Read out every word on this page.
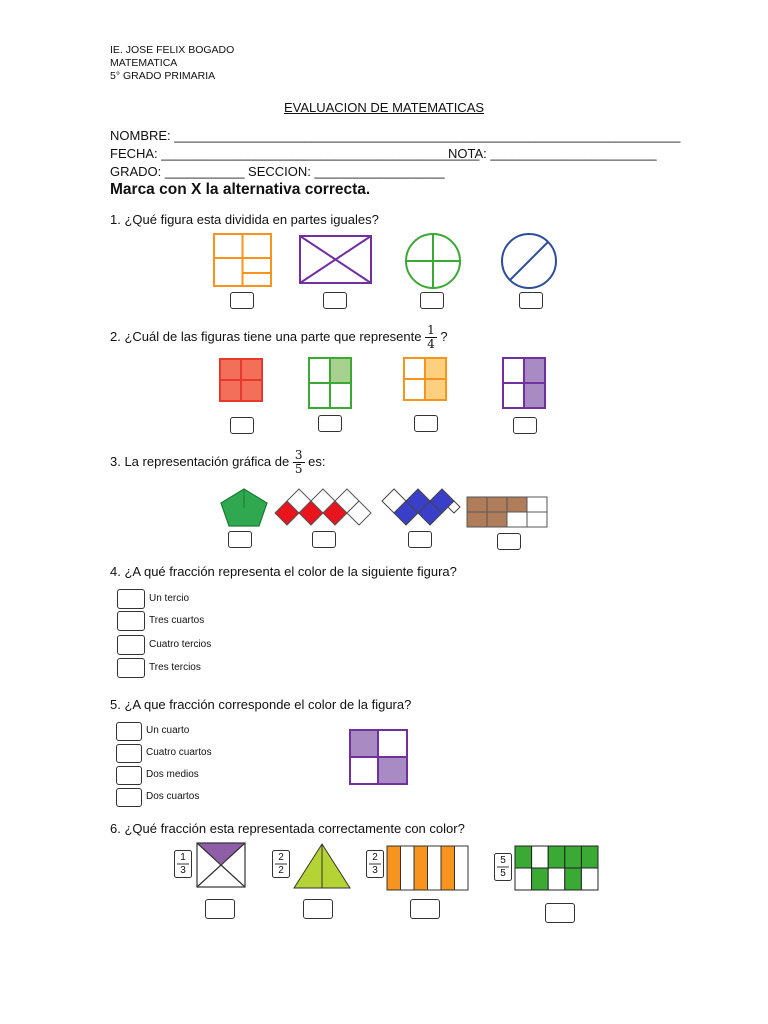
IE. JOSE FELIX BOGADO
MATEMATICA
5° GRADO PRIMARIA
EVALUACION DE MATEMATICAS
NOMBRE: ______________________________________________________________________
FECHA: ____________________________________________
NOTA: _______________________
GRADO: ___________ SECCION: __________________
Marca con X la alternativa correcta.
1. ¿Qué figura esta dividida en partes iguales?
2. ¿Cuál de las figuras tiene una parte que represente $\frac{1}{4}$ ?
3. La representación gráfica de $\frac{3}{5}$ es:
4. ¿A qué fracción representa el color de la siguiente figura?
Un tercio
Tres cuartos
Cuatro tercios
Tres tercios
5. ¿A que fracción corresponde el color de la figura?
Un cuarto
Cuatro cuartos
Dos medios
Dos cuartos
6. ¿Qué fracción esta representada correctamente con color?
1
3
2
2
2
3
5
5
